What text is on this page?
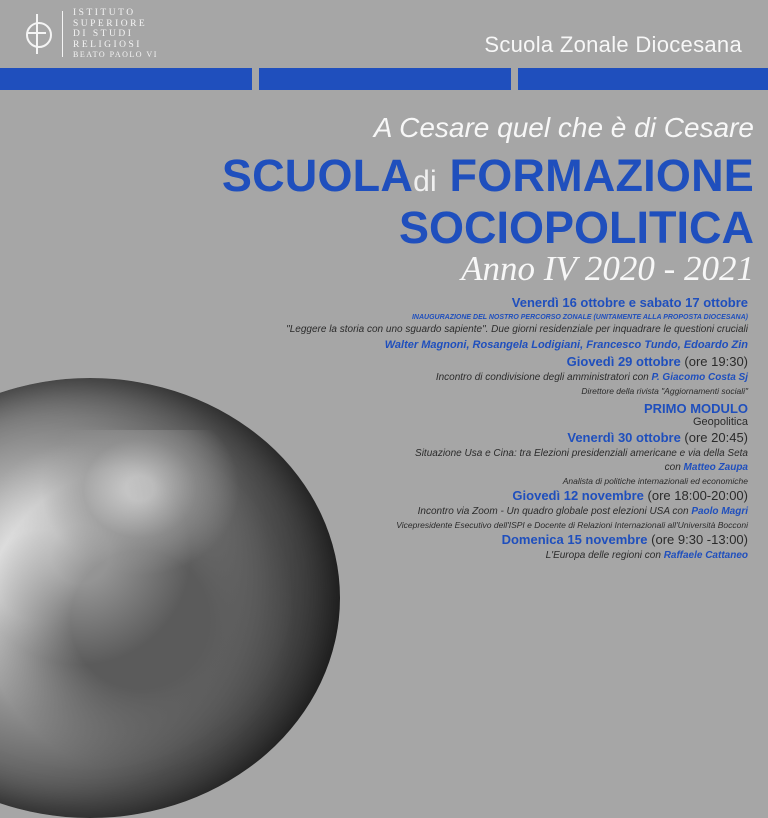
ISTITUTO
SUPERIORE
DI STUDI
RELIGIOSI
BEATO PAOLO VI	Scuola Zonale Diocesana
A Cesare quel che è di Cesare
SCUOLAdi FORMAZIONE
SOCIOPOLITICA
Anno IV 2020 - 2021
Venerdì 16 ottobre e sabato 17 ottobre
INAUGURAZIONE DEL NOSTRO PERCORSO ZONALE (UNITAMENTE ALLA PROPOSTA DIOCESANA)
"Leggere la storia con uno sguardo sapiente". Due giorni residenziale per inquadrare le questioni cruciali
Walter Magnoni, Rosangela Lodigiani, Francesco Tundo, Edoardo Zin
Giovedì 29 ottobre (ore 19:30)
Incontro di condivisione degli amministratori con P. Giacomo Costa Sj
Direttore della rivista "Aggiornamenti sociali"
PRIMO MODULO
Geopolitica
Venerdì 30 ottobre (ore 20:45)
Situazione Usa e Cina: tra Elezioni presidenziali americane e via della Seta
con Matteo Zaupa
Analista di politiche internazionali ed economiche
Giovedì 12 novembre (ore 18:00-20:00)
Incontro via Zoom - Un quadro globale post elezioni USA con Paolo Magri
Vicepresidente Esecutivo dell'ISPI e Docente di Relazioni Internazionali all'Università Bocconi
Domenica 15 novembre (ore 9:30 -13:00)
L'Europa delle regioni con Raffaele Cattaneo
